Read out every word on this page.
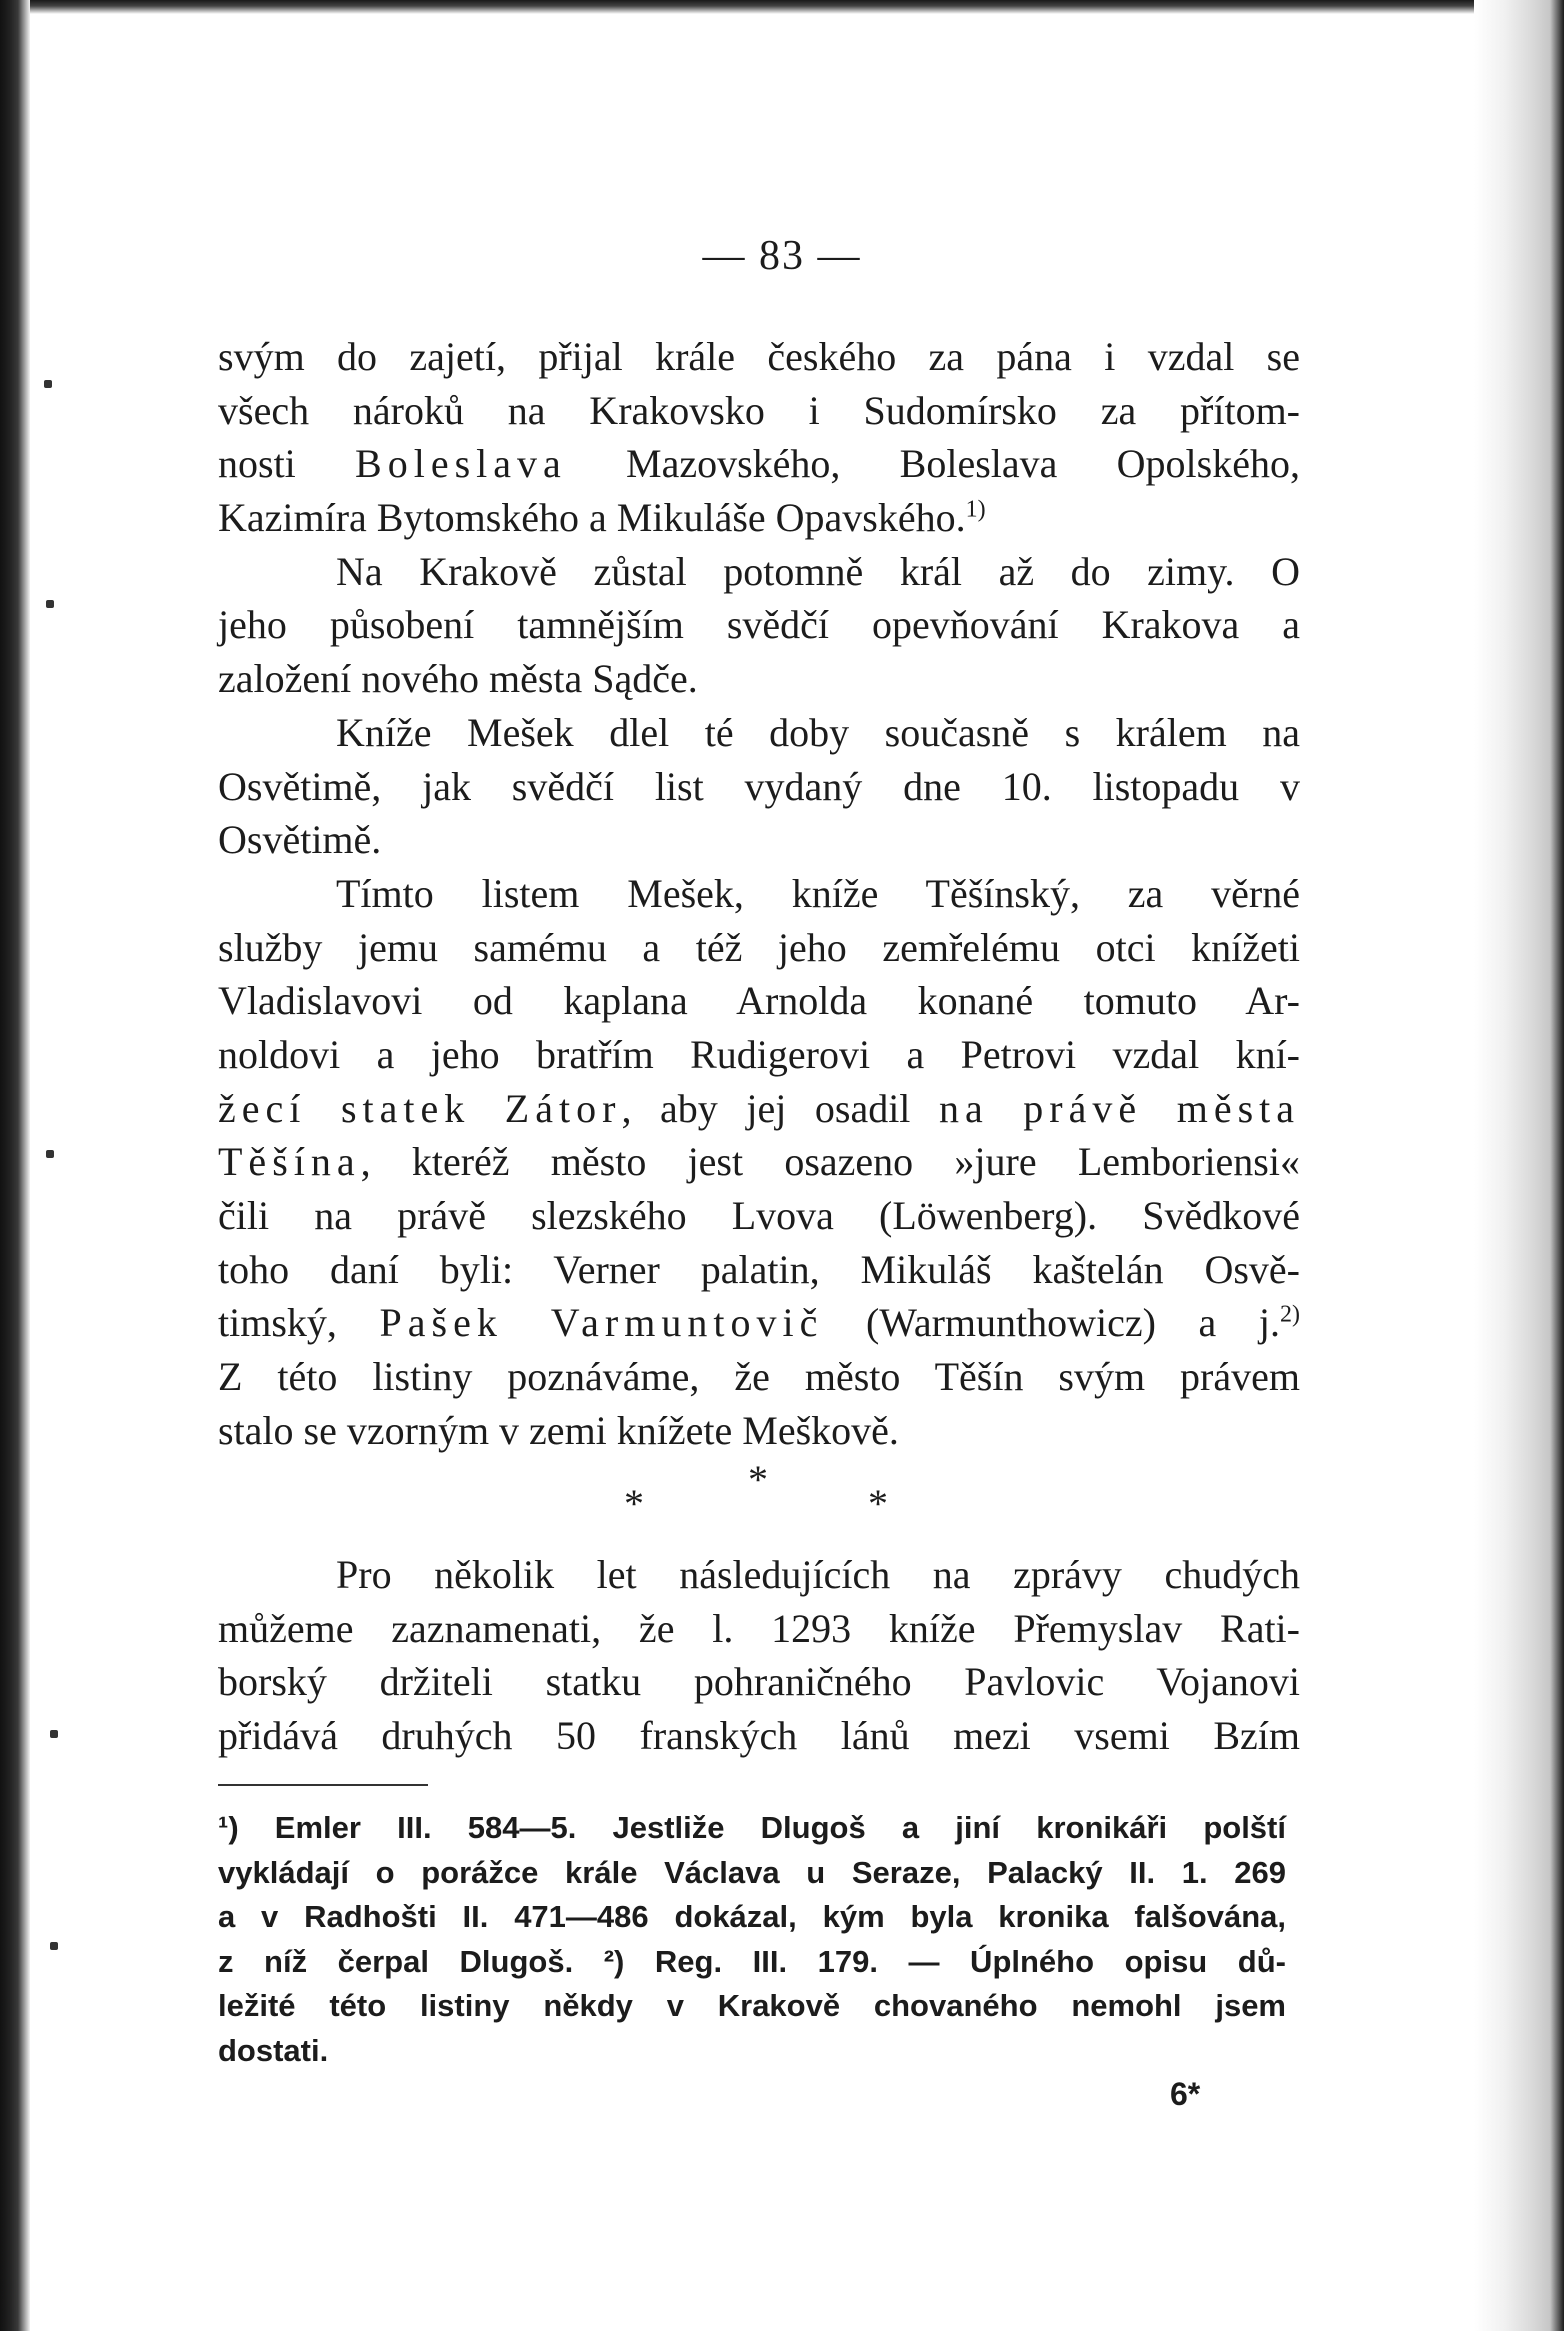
— 83 —
svým do zajetí, přijal krále českého za pána i vzdal se
všech nároků na Krakovsko i Sudomírsko za přítom-
nosti Boleslava Mazovského, Boleslava Opolského,
Kazimíra Bytomského a Mikuláše Opavského.$^{1)}$
Na Krakově zůstal potomně král až do zimy. O
jeho působení tamnějším svědčí opevňování Krakova a
založení nového města Sądče.
Kníže Mešek dlel té doby současně s králem na
Osvětimě, jak svědčí list vydaný dne 10. listopadu v
Osvětimě.
Tímto listem Mešek, kníže Těšínský, za věrné
služby jemu samému a též jeho zemřelému otci knížeti
Vladislavovi od kaplana Arnolda konané tomuto Ar-
noldovi a jeho bratřím Rudigerovi a Petrovi vzdal kní-
žecí statek Zátor, aby jej osadil na právě města
Těšína, kteréž město jest osazeno »jure Lemboriensi«
čili na právě slezského Lvova (Löwenberg). Svědkové
toho daní byli: Verner palatin, Mikuláš kaštelán Osvě-
timský, Pašek Varmuntovič (Warmunthowicz) a j.$^{2)}$
Z této listiny poznáváme, že město Těšín svým právem
stalo se vzorným v zemi knížete Meškově.
*
*
*
Pro několik let následujících na zprávy chudých
můžeme zaznamenati, že l. 1293 kníže Přemyslav Rati-
borský držiteli statku pohraničného Pavlovic Vojanovi
přidává druhých 50 franských lánů mezi vsemi Bzím
¹) Emler III. 584—5. Jestliže Dlugoš a jiní kronikáři polští
vykládají o porážce krále Václava u Seraze, Palacký II. 1. 269
a v Radhošti II. 471—486 dokázal, kým byla kronika falšována,
z níž čerpal Dlugoš. ²) Reg. III. 179. — Úplného opisu dů-
ležité této listiny někdy v Krakově chovaného nemohl jsem
dostati.
6*
